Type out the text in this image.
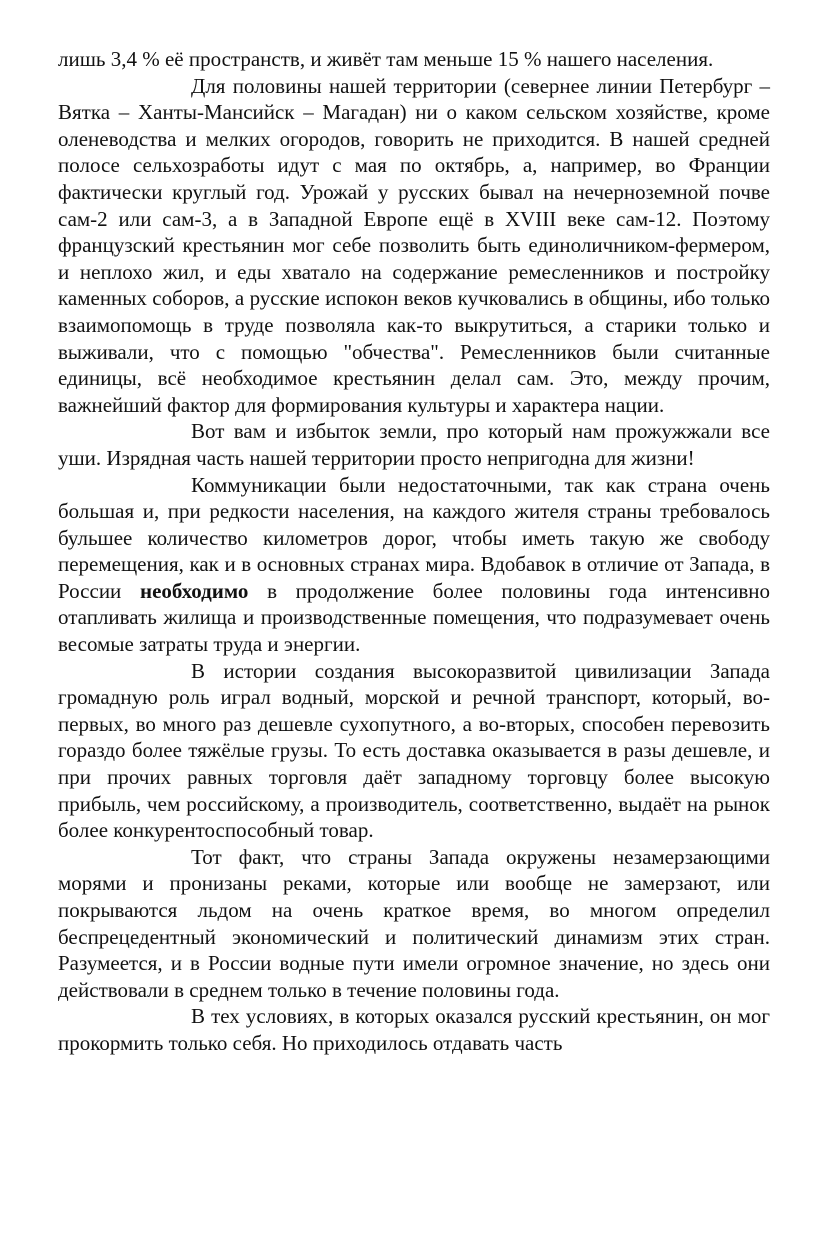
лишь 3,4 % её пространств, и живёт там меньше 15 % нашего населения.

Для половины нашей территории (севернее линии Петербург – Вятка – Ханты-Мансийск – Магадан) ни о каком сельском хозяйстве, кроме оленеводства и мелких огородов, говорить не приходится. В нашей средней полосе сельхозработы идут с мая по октябрь, а, например, во Франции фактически круглый год. Урожай у русских бывал на нечерноземной почве сам-2 или сам-3, а в Западной Европе ещё в XVIII веке сам-12. Поэтому французский крестьянин мог себе позволить быть единоличником-фермером, и неплохо жил, и еды хватало на содержание ремесленников и постройку каменных соборов, а русские испокон веков кучковались в общины, ибо только взаимопомощь в труде позволяла как-то выкрутиться, а старики только и выживали, что с помощью "обчества". Ремесленников были считанные единицы, всё необходимое крестьянин делал сам. Это, между прочим, важнейший фактор для формирования культуры и характера нации.

Вот вам и избыток земли, про который нам прожужжали все уши. Изрядная часть нашей территории просто непригодна для жизни!

Коммуникации были недостаточными, так как страна очень большая и, при редкости населения, на каждого жителя страны требовалось бульшее количество километров дорог, чтобы иметь такую же свободу перемещения, как и в основных странах мира. Вдобавок в отличие от Запада, в России необходимо в продолжение более половины года интенсивно отапливать жилища и производственные помещения, что подразумевает очень весомые затраты труда и энергии.

В истории создания высокоразвитой цивилизации Запада громадную роль играл водный, морской и речной транспорт, который, во-первых, во много раз дешевле сухопутного, а во-вторых, способен перевозить гораздо более тяжёлые грузы. То есть доставка оказывается в разы дешевле, и при прочих равных торговля даёт западному торговцу более высокую прибыль, чем российскому, а производитель, соответственно, выдаёт на рынок более конкурентоспособный товар.

Тот факт, что страны Запада окружены незамерзающими морями и пронизаны реками, которые или вообще не замерзают, или покрываются льдом на очень краткое время, во многом определил беспрецедентный экономический и политический динамизм этих стран. Разумеется, и в России водные пути имели огромное значение, но здесь они действовали в среднем только в течение половины года.

В тех условиях, в которых оказался русский крестьянин, он мог прокормить только себя. Но приходилось отдавать часть
